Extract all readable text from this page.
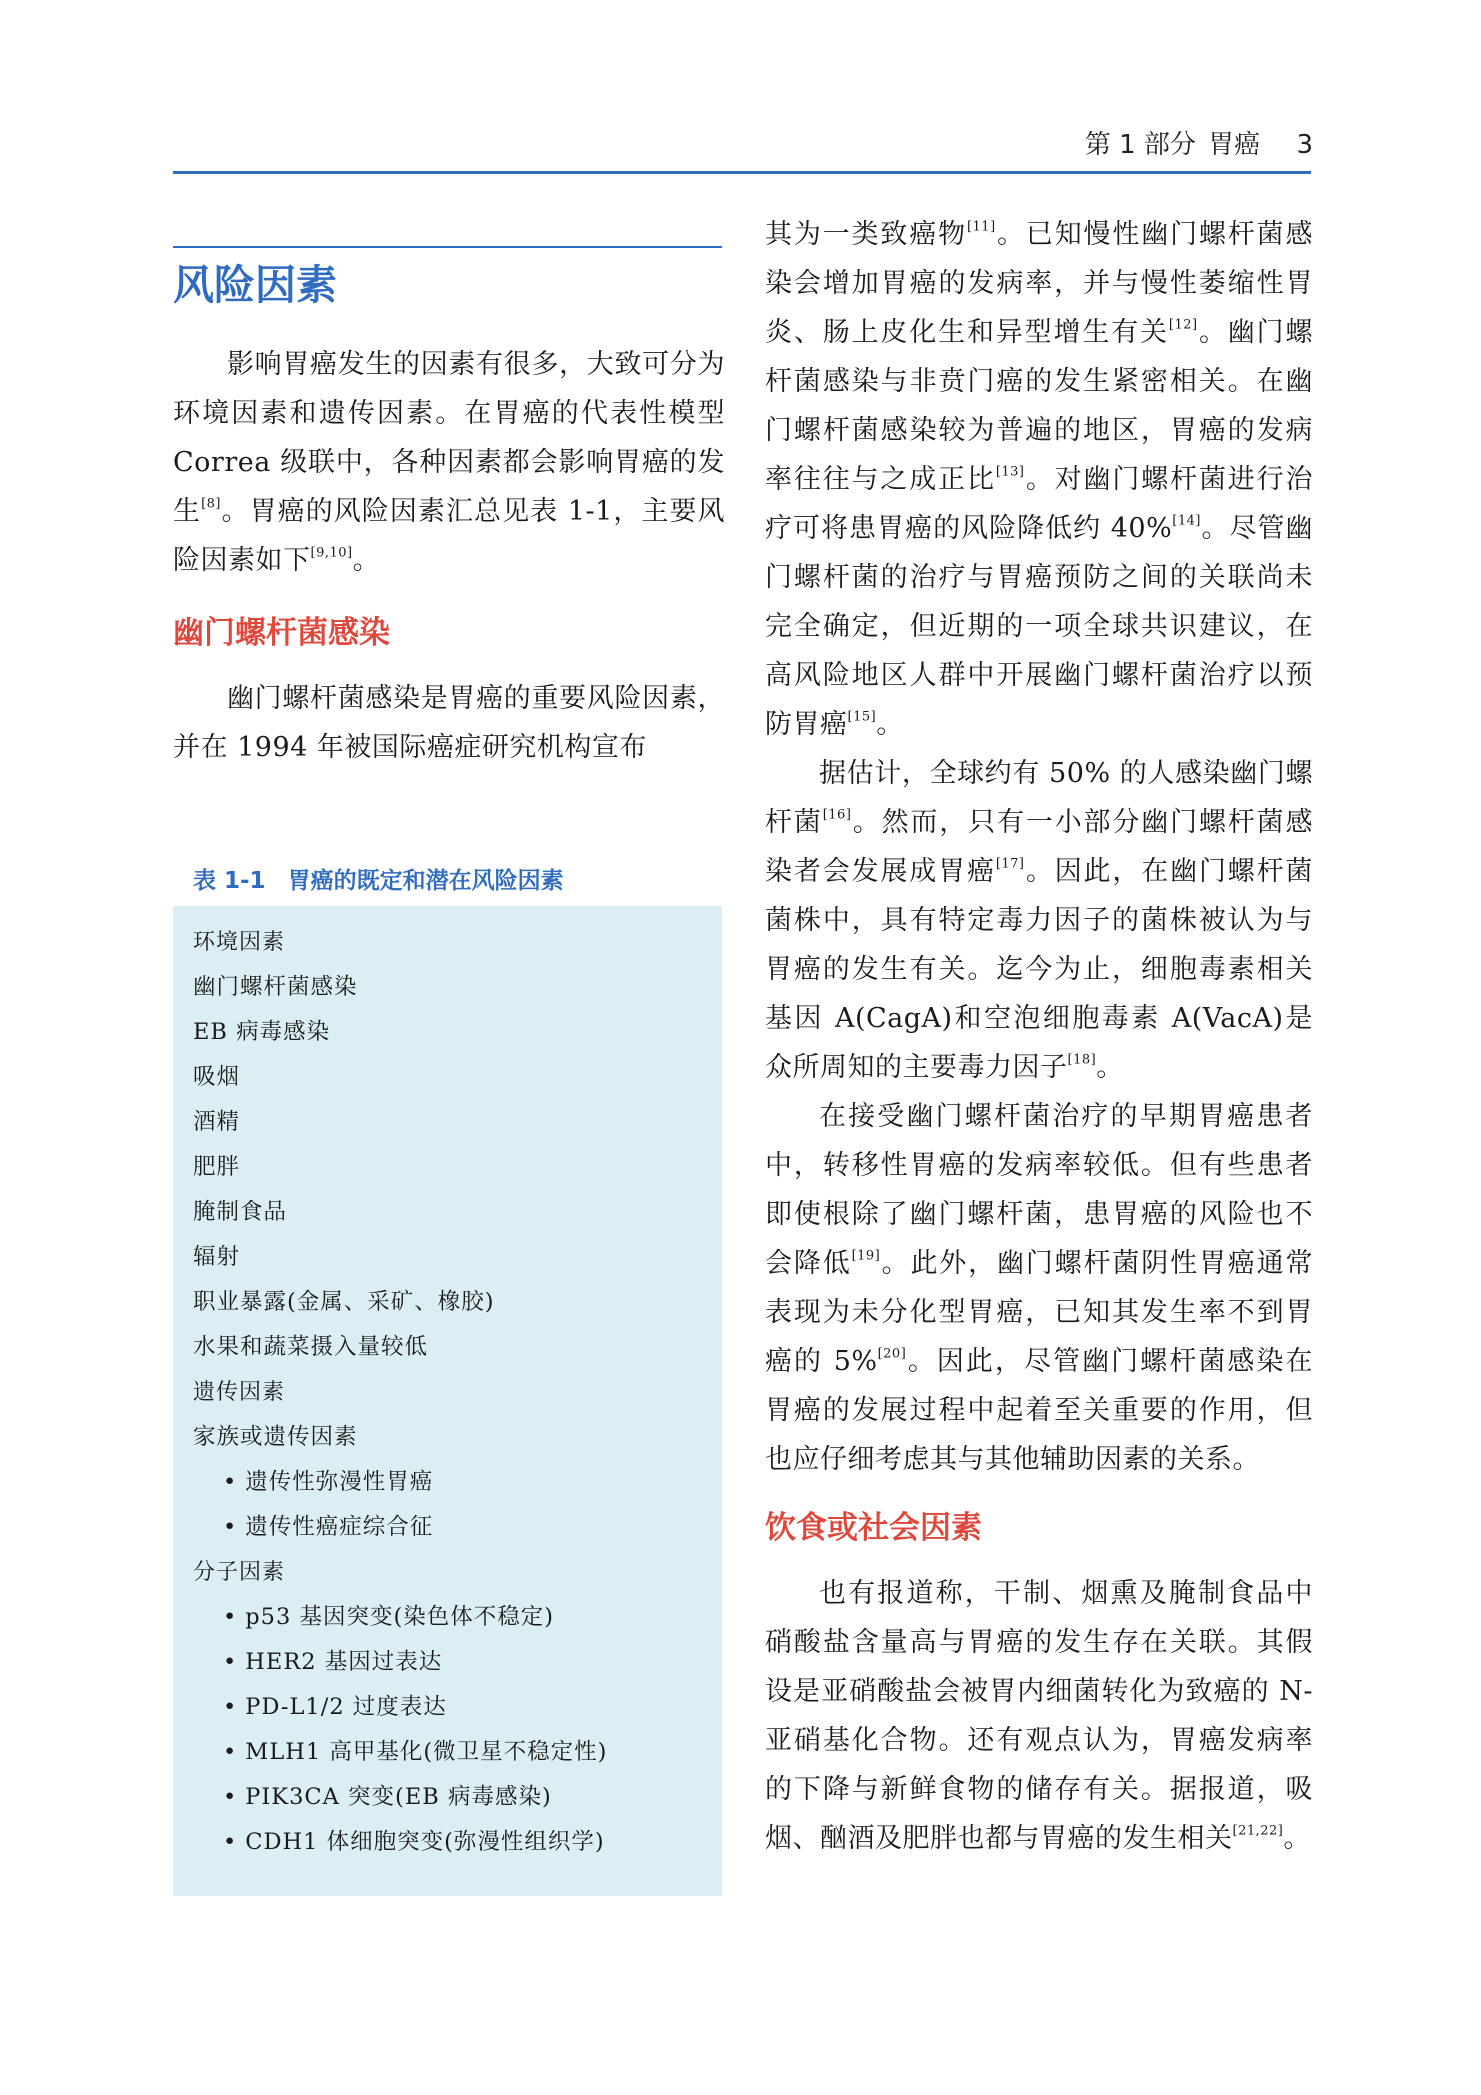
第 1 部分 胃癌 3
风险因素

影响胃癌发生的因素有很多，大致可分为环境因素和遗传因素。在胃癌的代表性模型 Correa 级联中，各种因素都会影响胃癌的发生[8]。胃癌的风险因素汇总见表 1-1，主要风险因素如下[9,10]。

幽门螺杆菌感染

幽门螺杆菌感染是胃癌的重要风险因素，并在 1994 年被国际癌症研究机构宣布

表 1-1 胃癌的既定和潜在风险因素

环境因素
幽门螺杆菌感染
EB 病毒感染
吸烟
酒精
肥胖
腌制食品
辐射
职业暴露(金属、采矿、橡胶)
水果和蔬菜摄入量较低
遗传因素
家族或遗传因素
• 遗传性弥漫性胃癌
• 遗传性癌症综合征
分子因素
• p53 基因突变(染色体不稳定)
• HER2 基因过表达
• PD-L1/2 过度表达
• MLH1 高甲基化(微卫星不稳定性)
• PIK3CA 突变(EB 病毒感染)
• CDH1 体细胞突变(弥漫性组织学)

其为一类致癌物[11]。已知慢性幽门螺杆菌感染会增加胃癌的发病率，并与慢性萎缩性胃炎、肠上皮化生和异型增生有关[12]。幽门螺杆菌感染与非贲门癌的发生紧密相关。在幽门螺杆菌感染较为普遍的地区，胃癌的发病率往往与之成正比[13]。对幽门螺杆菌进行治疗可将患胃癌的风险降低约 40%[14]。尽管幽门螺杆菌的治疗与胃癌预防之间的关联尚未完全确定，但近期的一项全球共识建议，在高风险地区人群中开展幽门螺杆菌治疗以预防胃癌[15]。

据估计，全球约有 50% 的人感染幽门螺杆菌[16]。然而，只有一小部分幽门螺杆菌感染者会发展成胃癌[17]。因此，在幽门螺杆菌菌株中，具有特定毒力因子的菌株被认为与胃癌的发生有关。迄今为止，细胞毒素相关基因 A(CagA)和空泡细胞毒素 A(VacA)是众所周知的主要毒力因子[18]。

在接受幽门螺杆菌治疗的早期胃癌患者中，转移性胃癌的发病率较低。但有些患者即使根除了幽门螺杆菌，患胃癌的风险也不会降低[19]。此外，幽门螺杆菌阴性胃癌通常表现为未分化型胃癌，已知其发生率不到胃癌的 5%[20]。因此，尽管幽门螺杆菌感染在胃癌的发展过程中起着至关重要的作用，但也应仔细考虑其与其他辅助因素的关系。

饮食或社会因素

也有报道称，干制、烟熏及腌制食品中硝酸盐含量高与胃癌的发生存在关联。其假设是亚硝酸盐会被胃内细菌转化为致癌的 N-亚硝基化合物。还有观点认为，胃癌发病率的下降与新鲜食物的储存有关。据报道，吸烟、酗酒及肥胖也都与胃癌的发生相关[21,22]。
